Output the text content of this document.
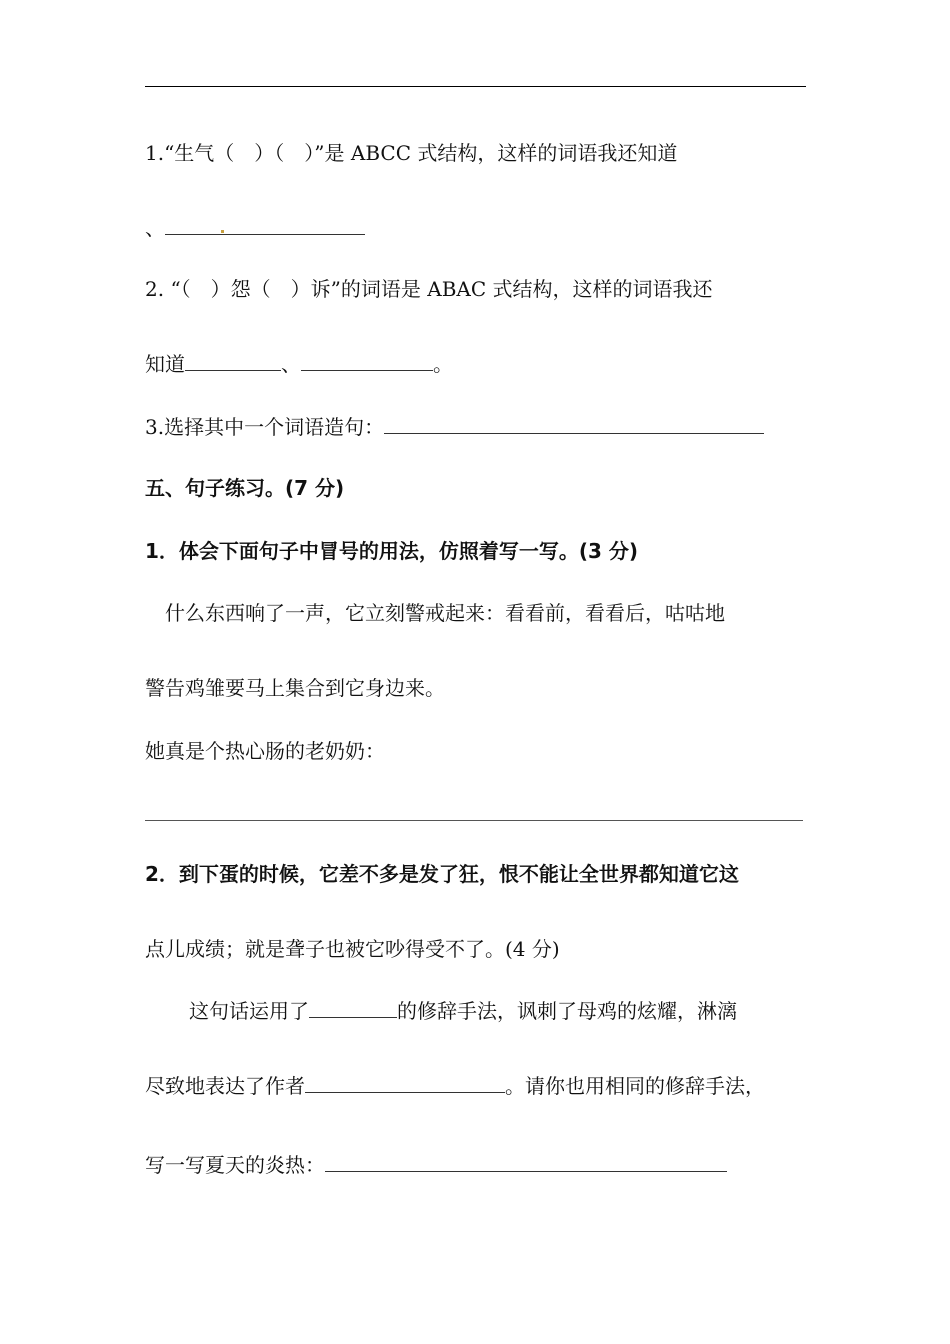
1.“生气（　）（　）”是 ABCC 式结构，这样的词语我还知道
、
2. “（　）怨（　）诉”的词语是 ABAC 式结构，这样的词语我还
知道	、	。
3.选择其中一个词语造句：
五、句子练习。(7 分)
1．体会下面句子中冒号的用法，仿照着写一写。(3 分)
什么东西响了一声，它立刻警戒起来：看看前，看看后，咕咕地
警告鸡雏要马上集合到它身边来。
她真是个热心肠的老奶奶：
2．到下蛋的时候，它差不多是发了狂，恨不能让全世界都知道它这
点儿成绩；就是聋子也被它吵得受不了。(4 分)
这句话运用了	的修辞手法，讽刺了母鸡的炫耀，淋漓
尽致地表达了作者	。请你也用相同的修辞手法，
写一写夏天的炎热：
